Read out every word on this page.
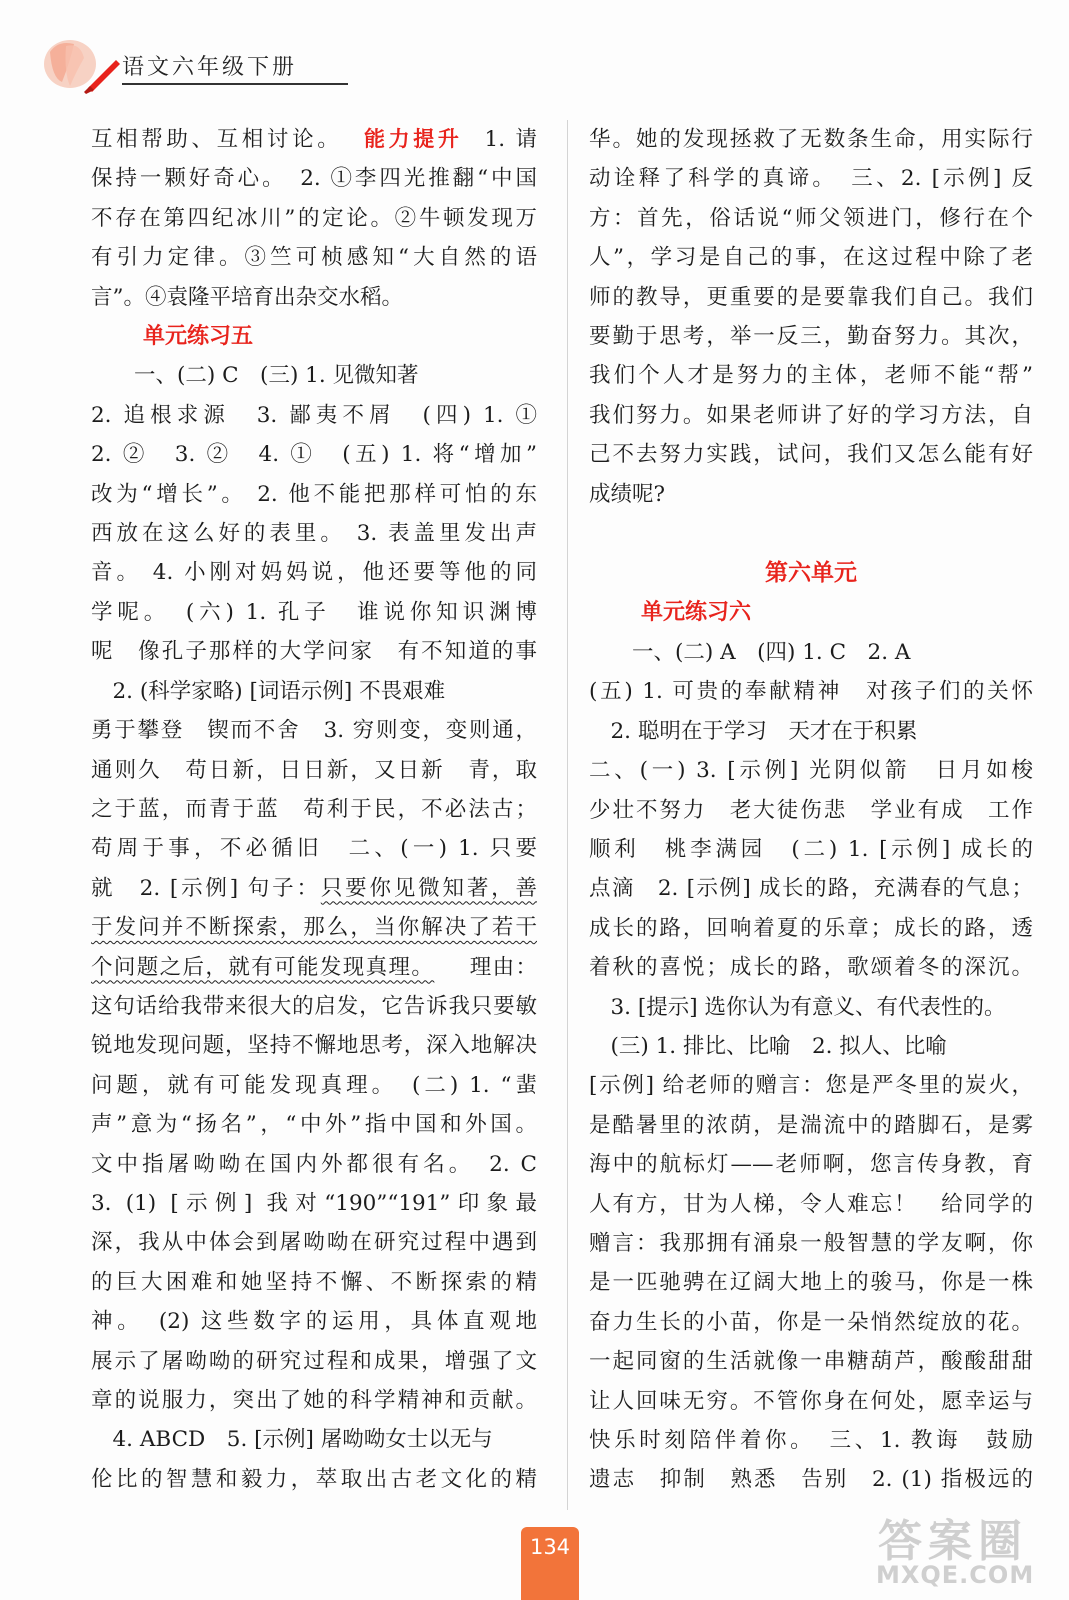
语文六年级下册
互相帮助、互相讨论。 能力提升 1. 请
保持一颗好奇心。　2. ①李四光推翻“中国
不存在第四纪冰川”的定论。②牛顿发现万
有引力定律。③竺可桢感知“大自然的语
言”。④袁隆平培育出杂交水稻。
单元练习五
一、(二) C　(三) 1. 见微知著
2. 追根求源　3. 鄙夷不屑　(四) 1. ①
2. ②　3. ②　4. ①　(五) 1. 将“增加”
改为“增长”。 2. 他不能把那样可怕的东
西放在这么好的表里。 3. 表盖里发出声
音。 4. 小刚对妈妈说，他还要等他的同
学呢。　(六) 1. 孔子　谁说你知识渊博
呢　像孔子那样的大学问家　有不知道的事
2. (科学家略) [词语示例] 不畏艰难
勇于攀登　锲而不舍　3. 穷则变，变则通，
通则久　苟日新，日日新，又日新　青，取
之于蓝，而青于蓝　苟利于民，不必法古；
苟周于事，不必循旧　二、(一) 1. 只要
就　2. [示例] 句子：只要你见微知著，善
于发问并不断探索，那么，当你解决了若干
个问题之后，就有可能发现真理。 理由：
这句话给我带来很大的启发，它告诉我只要敏
锐地发现问题，坚持不懈地思考，深入地解决
问题，就有可能发现真理。　(二) 1. “蜚
声”意为“扬名”，“中外”指中国和外国。
文中指屠呦呦在国内外都很有名。　2. C
3. (1) [示例] 我对“190”“191”印象最
深，我从中体会到屠呦呦在研究过程中遇到
的巨大困难和她坚持不懈、不断探索的精
神。　(2) 这些数字的运用，具体直观地
展示了屠呦呦的研究过程和成果，增强了文
章的说服力，突出了她的科学精神和贡献。
4. ABCD　5. [示例] 屠呦呦女士以无与
伦比的智慧和毅力，萃取出古老文化的精
华。她的发现拯救了无数条生命，用实际行
动诠释了科学的真谛。　三、2. [示例] 反
方：首先，俗话说“师父领进门，修行在个
人”，学习是自己的事，在这过程中除了老
师的教导，更重要的是要靠我们自己。我们
要勤于思考，举一反三，勤奋努力。其次，
我们个人才是努力的主体，老师不能“帮”
我们努力。如果老师讲了好的学习方法，自
己不去努力实践，试问，我们又怎么能有好
成绩呢?
第六单元
单元练习六
一、(二) A　(四) 1. C　2. A
(五) 1. 可贵的奉献精神　对孩子们的关怀
2. 聪明在于学习　天才在于积累
二、(一) 3. [示例] 光阴似箭　日月如梭
少壮不努力　老大徒伤悲　学业有成　工作
顺利　桃李满园　(二) 1. [示例] 成长的
点滴　2. [示例] 成长的路，充满春的气息；
成长的路，回响着夏的乐章；成长的路，透
着秋的喜悦；成长的路，歌颂着冬的深沉。
3. [提示] 选你认为有意义、有代表性的。
(三) 1. 排比、比喻　2. 拟人、比喻
[示例] 给老师的赠言：您是严冬里的炭火，
是酷暑里的浓荫，是湍流中的踏脚石，是雾
海中的航标灯——老师啊，您言传身教，育
人有方，甘为人梯，令人难忘！　给同学的
赠言：我那拥有涌泉一般智慧的学友啊，你
是一匹驰骋在辽阔大地上的骏马，你是一株
奋力生长的小苗，你是一朵悄然绽放的花。
一起同窗的生活就像一串糖葫芦，酸酸甜甜
让人回味无穷。不管你身在何处，愿幸运与
快乐时刻陪伴着你。　三、1. 教诲　鼓励
遗志　抑制　熟悉　告别　2. (1) 指极远的
134	答案圈
MXQE.COM
